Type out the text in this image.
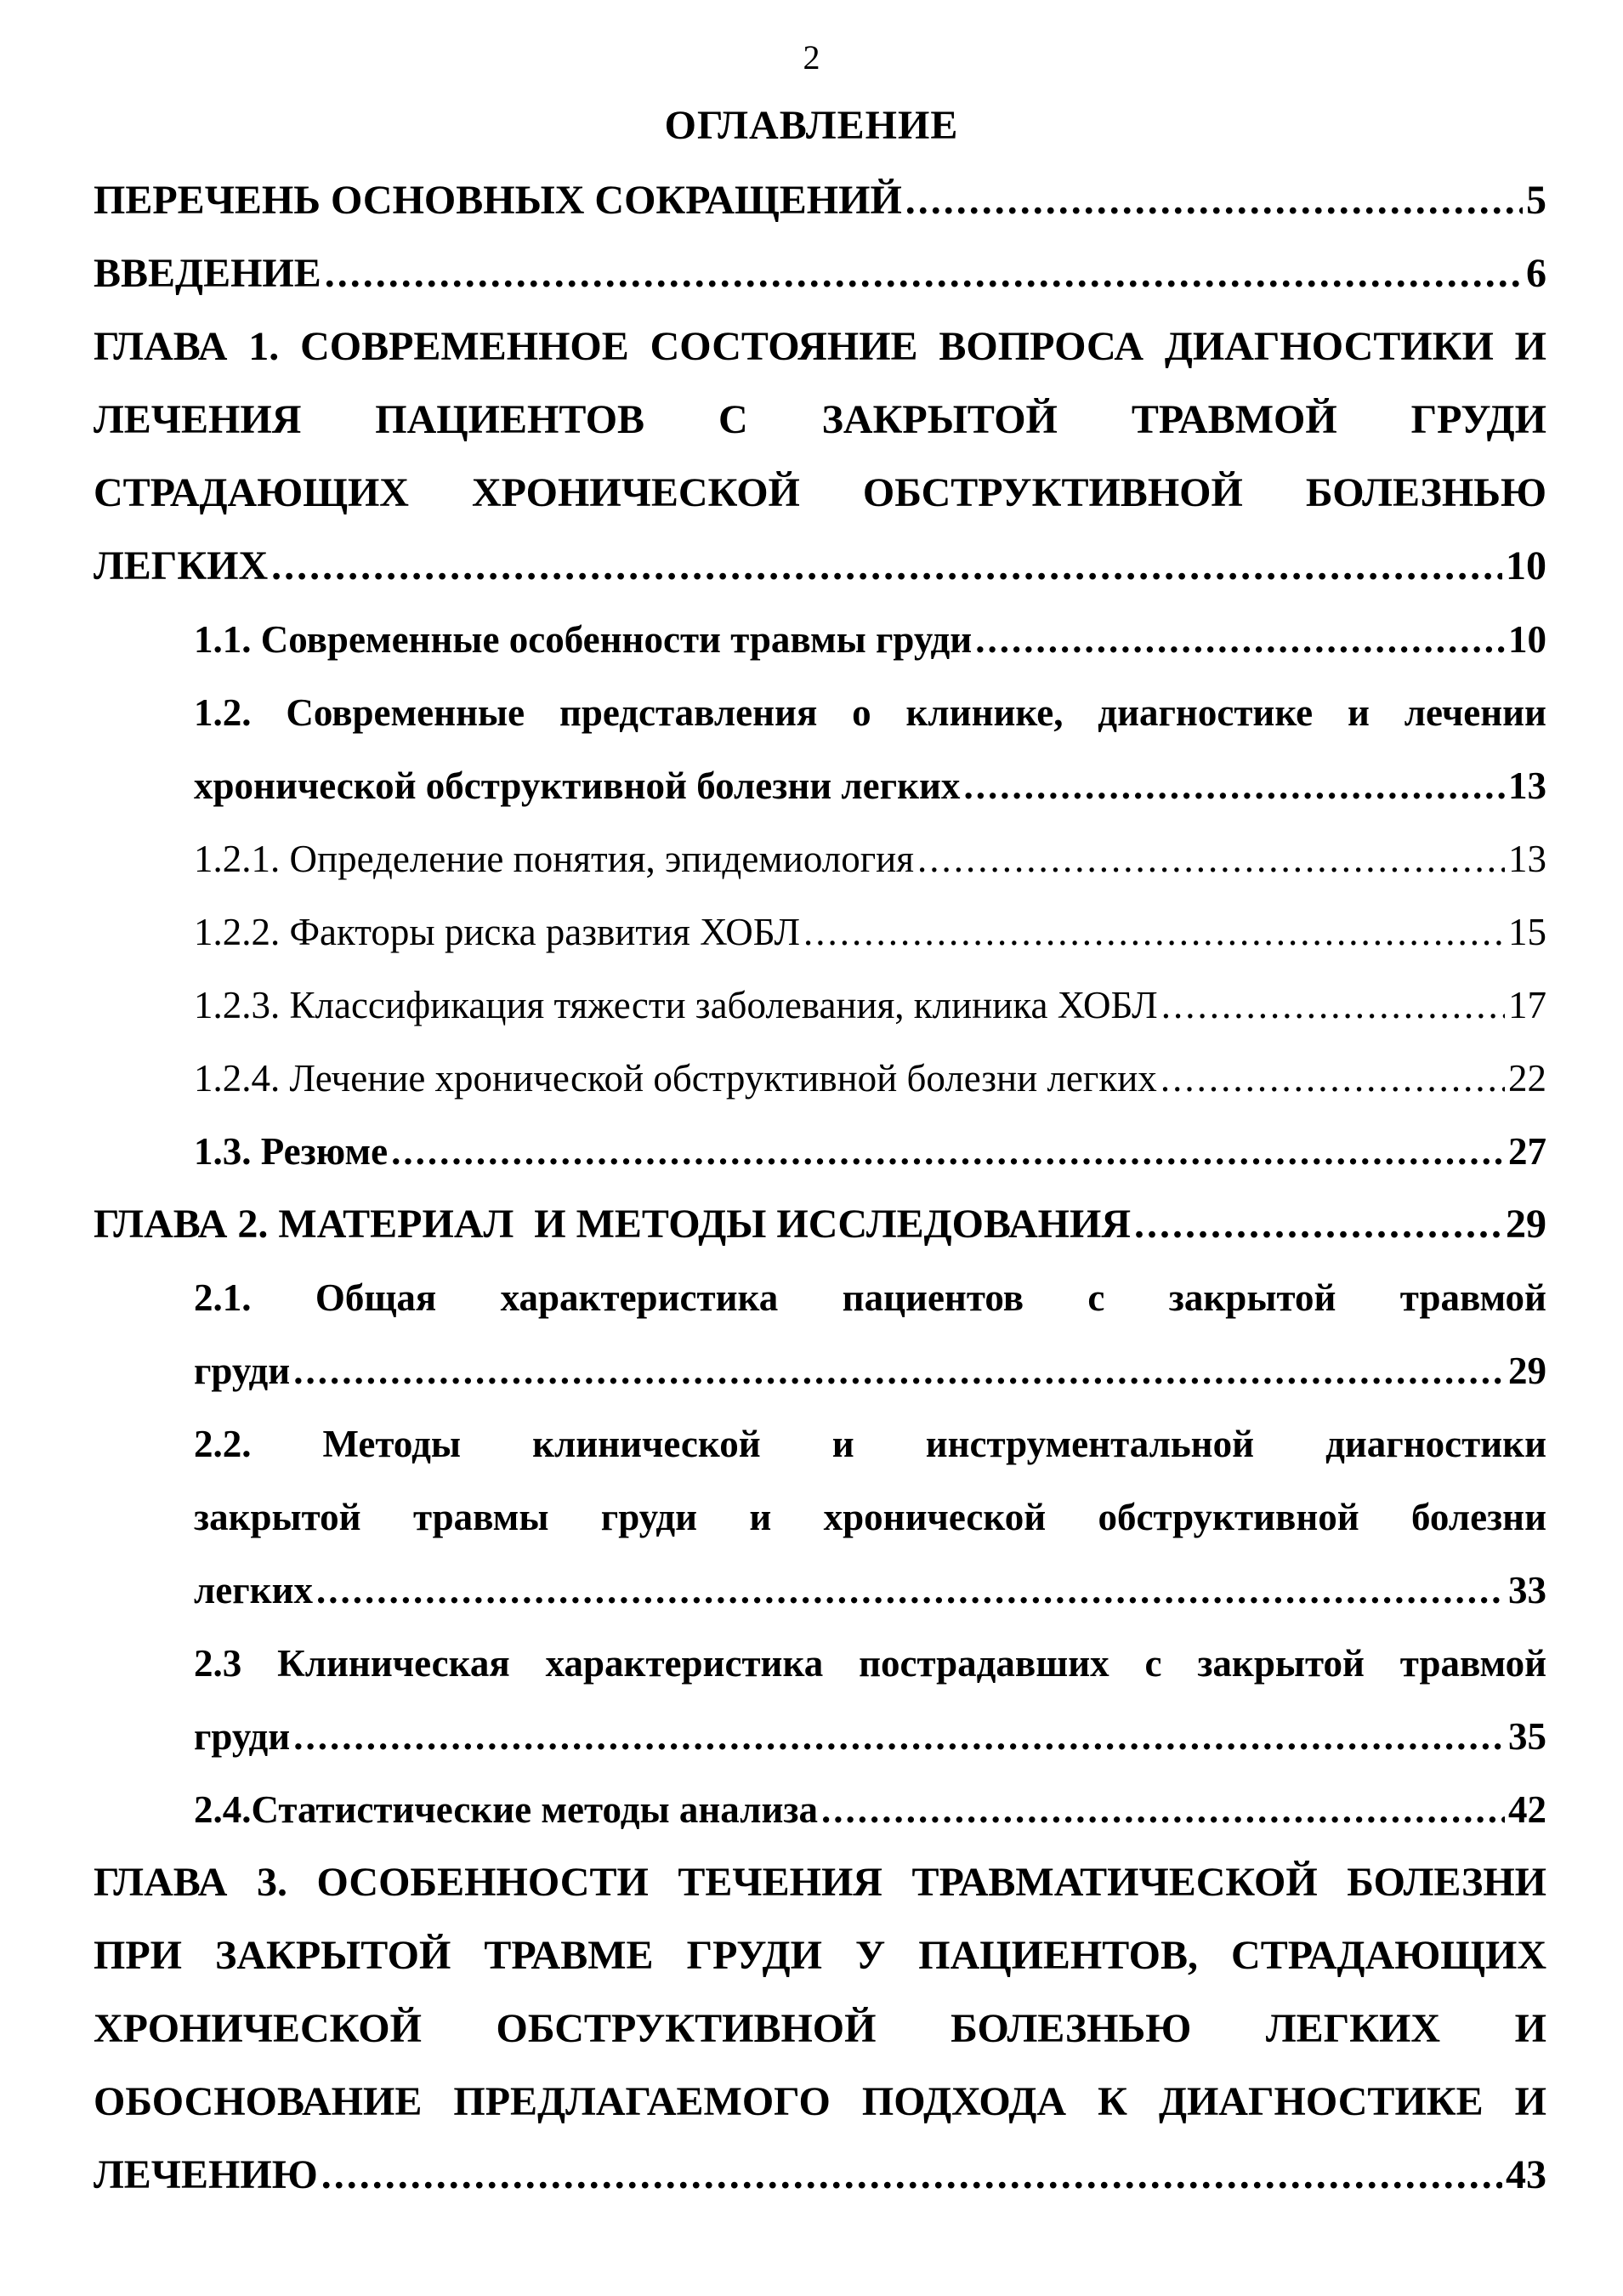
2
ОГЛАВЛЕНИЕ
ПЕРЕЧЕНЬ ОСНОВНЫХ СОКРАЩЕНИЙ .....	5
ВВЕДЕНИЕ .....	6
ГЛАВА 1. СОВРЕМЕННОЕ СОСТОЯНИЕ ВОПРОСА ДИАГНОСТИКИ И
ЛЕЧЕНИЯ ПАЦИЕНТОВ С ЗАКРЫТОЙ ТРАВМОЙ ГРУДИ
СТРАДАЮЩИХ ХРОНИЧЕСКОЙ ОБСТРУКТИВНОЙ БОЛЕЗНЬЮ
ЛЕГКИХ .....	10
1.1. Современные особенности травмы груди .....	10
1.2. Современные представления о клинике, диагностике и лечении
хронической обструктивной болезни легких .....	13
1.2.1. Определение понятия, эпидемиология .....	13
1.2.2. Факторы риска развития ХОБЛ .....	15
1.2.3. Классификация тяжести заболевания, клиника ХОБЛ .....	17
1.2.4. Лечение хронической обструктивной болезни легких .....	22
1.3. Резюме .....	27
ГЛАВА 2. МАТЕРИАЛ  И МЕТОДЫ ИССЛЕДОВАНИЯ .....	29
2.1. Общая характеристика пациентов с закрытой травмой
груди .....	29
2.2. Методы клинической и инструментальной диагностики
закрытой травмы груди и хронической обструктивной болезни
легких .....	33
2.3 Клиническая характеристика пострадавших с закрытой травмой
груди .....	35
2.4.Статистические методы анализа .....	42
ГЛАВА 3. ОСОБЕННОСТИ ТЕЧЕНИЯ ТРАВМАТИЧЕСКОЙ БОЛЕЗНИ
ПРИ ЗАКРЫТОЙ ТРАВМЕ ГРУДИ У ПАЦИЕНТОВ, СТРАДАЮЩИХ
ХРОНИЧЕСКОЙ ОБСТРУКТИВНОЙ БОЛЕЗНЬЮ ЛЕГКИХ И
ОБОСНОВАНИЕ ПРЕДЛАГАЕМОГО ПОДХОДА К ДИАГНОСТИКЕ И
ЛЕЧЕНИЮ .....	43
